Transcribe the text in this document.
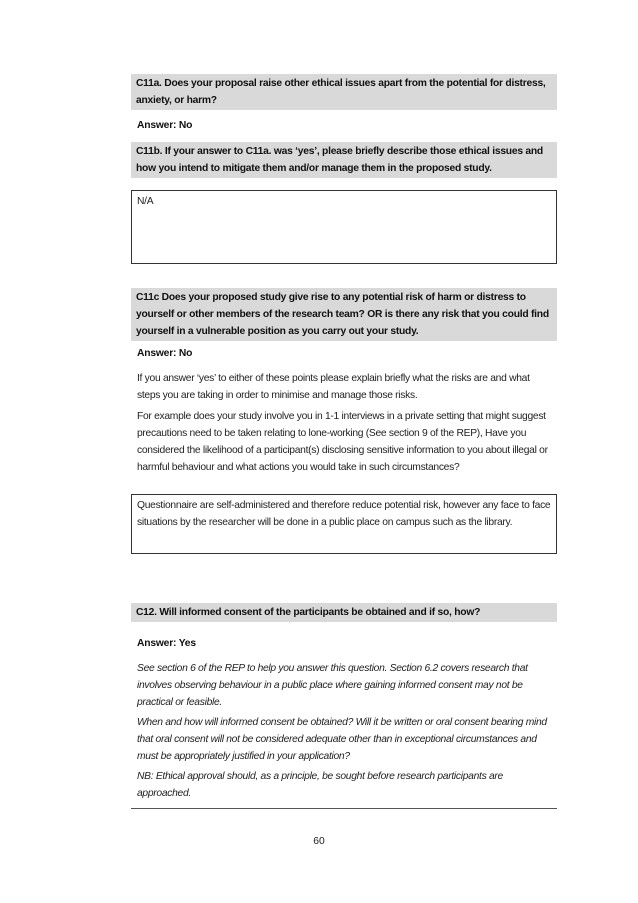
C11a. Does your proposal raise other ethical issues apart from the potential for distress, anxiety, or harm?
Answer: No
C11b. If your answer to C11a. was ‘yes’, please briefly describe those ethical issues and how you intend to mitigate them and/or manage them in the proposed study.
N/A
C11c Does your proposed study give rise to any potential risk of harm or distress to yourself or other members of the research team? OR is there any risk that you could find yourself in a vulnerable position as you carry out your study.
Answer: No

If you answer ‘yes’ to either of these points please explain briefly what the risks are and what steps you are taking in order to minimise and manage those risks.

For example does your study involve you in 1-1 interviews in a private setting that might suggest precautions need to be taken relating to lone-working (See section 9 of the REP), Have you considered the likelihood of a participant(s) disclosing sensitive information to you about illegal or harmful behaviour and what actions you would take in such circumstances?

Questionnaire are self-administered and therefore reduce potential risk, however any face to face situations by the researcher will be done in a public place on campus such as the library.
C12. Will informed consent of the participants be obtained and if so, how?
Answer: Yes

See section 6 of the REP to help you answer this question. Section 6.2 covers research that involves observing behaviour in a public place where gaining informed consent may not be practical or feasible.

When and how will informed consent be obtained? Will it be written or oral consent bearing mind that oral consent will not be considered adequate other than in exceptional circumstances and must be appropriately justified in your application?

NB: Ethical approval should, as a principle, be sought before research participants are approached.

60
